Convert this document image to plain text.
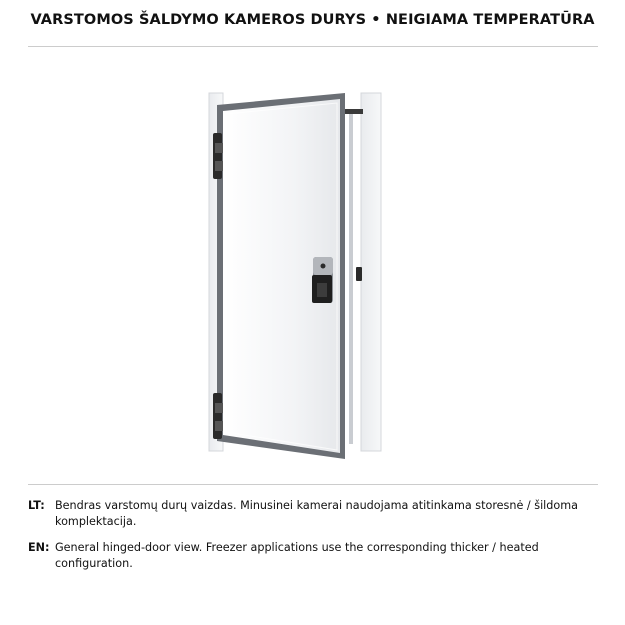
VARSTOMOS ŠALDYMO KAMEROS DURYS • NEIGIAMA TEMPERATŪRA
LT: Bendras varstomų durų vaizdas. Minusinei kamerai naudojama atitinkama storesnė / šildoma komplektacija.
EN: General hinged-door view. Freezer applications use the corresponding thicker / heated configuration.
